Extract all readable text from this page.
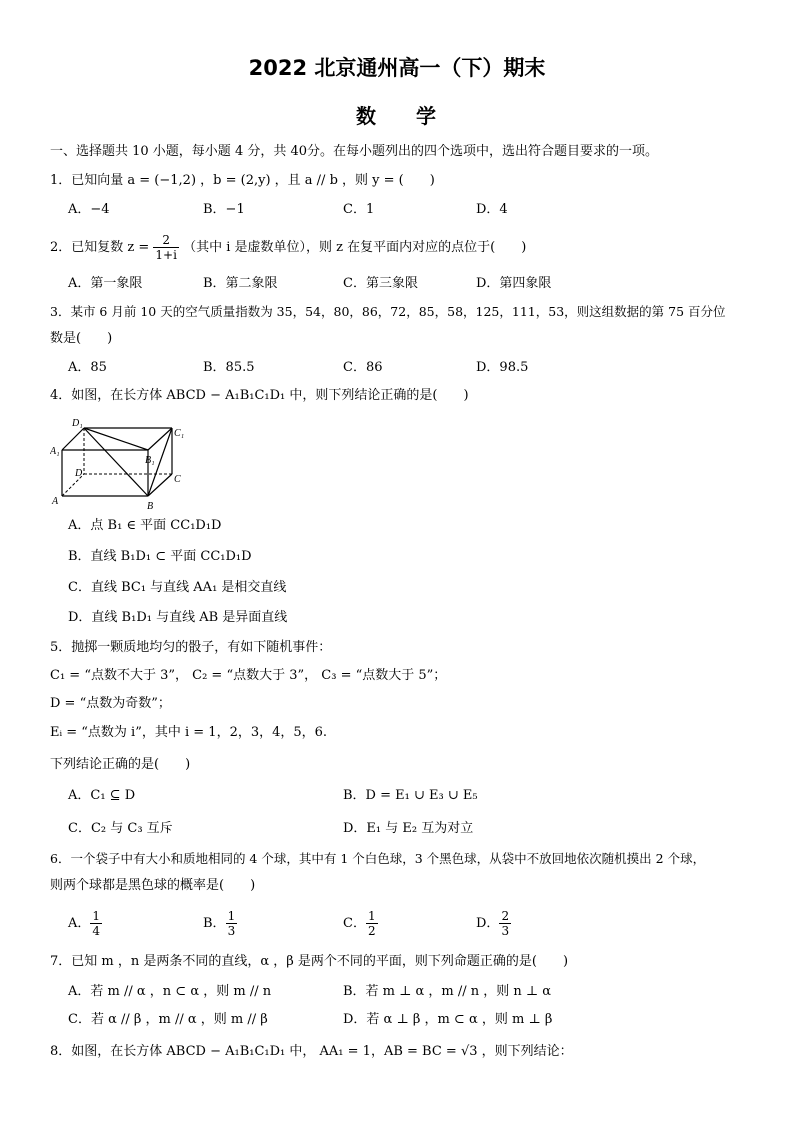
2022 北京通州高一（下）期末
数学
一、选择题共 10 小题，每小题 4 分，共 40分。在每小题列出的四个选项中，选出符合题目要求的一项。
1．已知向量 a = (−1,2) ，b = (2,y) ，且 a // b ，则 y = (　　)
A．−4	B．−1	C．1	D．4
2．已知复数 $z = \frac{2}{1+i}$ （其中 i 是虚数单位），则 z 在复平面内对应的点位于(　　)
A．第一象限	B．第二象限	C．第三象限	D．第四象限
3．某市 6 月前 10 天的空气质量指数为 35，54，80，86，72，85，58，125，111，53，则这组数据的第 75 百分位
数是(　　)
A．85	B．85.5	C．86	D．98.5
4．如图，在长方体 ABCD − A₁B₁C₁D₁ 中，则下列结论正确的是(　　)
D₁
C₁
A₁
B₁
D
C
A	B
A．点 B₁ ∈ 平面 CC₁D₁D
B．直线 B₁D₁ ⊂ 平面 CC₁D₁D
C．直线 BC₁ 与直线 AA₁ 是相交直线
D．直线 B₁D₁ 与直线 AB 是异面直线
5．抛掷一颗质地均匀的骰子，有如下随机事件：
C₁ = “点数不大于 3”， C₂ = “点数大于 3”， C₃ = “点数大于 5”；
D = “点数为奇数”；
Eᵢ = “点数为 i”，其中 i = 1，2，3，4，5，6.
下列结论正确的是(　　)
A．C₁ ⊆ D	B．D = E₁ ∪ E₃ ∪ E₅
C．C₂ 与 C₃ 互斥	D．E₁ 与 E₂ 互为对立
6．一个袋子中有大小和质地相同的 4 个球，其中有 1 个白色球，3 个黑色球，从袋中不放回地依次随机摸出 2 个球，
则两个球都是黑色球的概率是(　　)
A． $\frac{1}{4}$	B． $\frac{1}{3}$	C． $\frac{1}{2}$	D． $\frac{2}{3}$
7．已知 m ，n 是两条不同的直线，α ，β 是两个不同的平面，则下列命题正确的是(　　)
A．若 m // α ，n ⊂ α ，则 m // n	B．若 m ⊥ α ，m // n ，则 n ⊥ α
C．若 α // β ，m // α ，则 m // β	D．若 α ⊥ β ，m ⊂ α ，则 m ⊥ β
8．如图，在长方体 ABCD − A₁B₁C₁D₁ 中， AA₁ = 1，AB = BC = √3 ，则下列结论：
